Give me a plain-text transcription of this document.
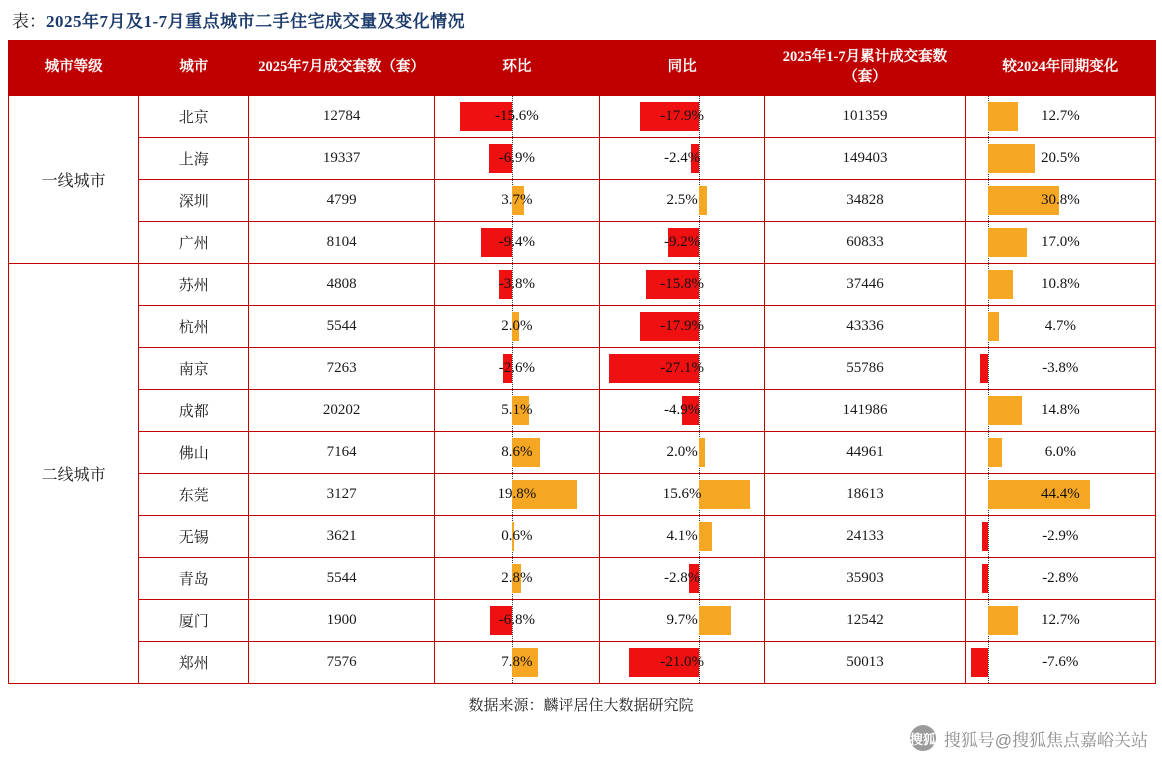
表： 2025年7月及1-7月重点城市二手住宅成交量及变化情况
城市等级	城市	2025年7月成交套数（套）	环比	同比	2025年1-7月累计成交套数（套）	较2024年同期变化
一线城市	北京	12784	-15.6%	-17.9%	101359	12.7%

	上海	19337	-6.9%	-2.4%	149403	20.5%

	深圳	4799	3.7%	2.5%	34828	30.8%

	广州	8104	-9.4%	-9.2%	60833	17.0%

二线城市	苏州	4808	-3.8%	-15.8%	37446	10.8%

	杭州	5544	2.0%	-17.9%	43336	4.7%

	南京	7263	-2.6%	-27.1%	55786	-3.8%

	成都	20202	5.1%	-4.9%	141986	14.8%

	佛山	7164	8.6%	2.0%	44961	6.0%

	东莞	3127	19.8%	15.6%	18613	44.4%

	无锡	3621	0.6%	4.1%	24133	-2.9%

	青岛	5544	2.8%	-2.8%	35903	-2.8%

	厦门	1900	-6.8%	9.7%	12542	12.7%

	郑州	7576	7.8%	-21.0%	50013	-7.6%
数据来源：麟评居住大数据研究院
搜狐 搜狐号@搜狐焦点嘉峪关站
